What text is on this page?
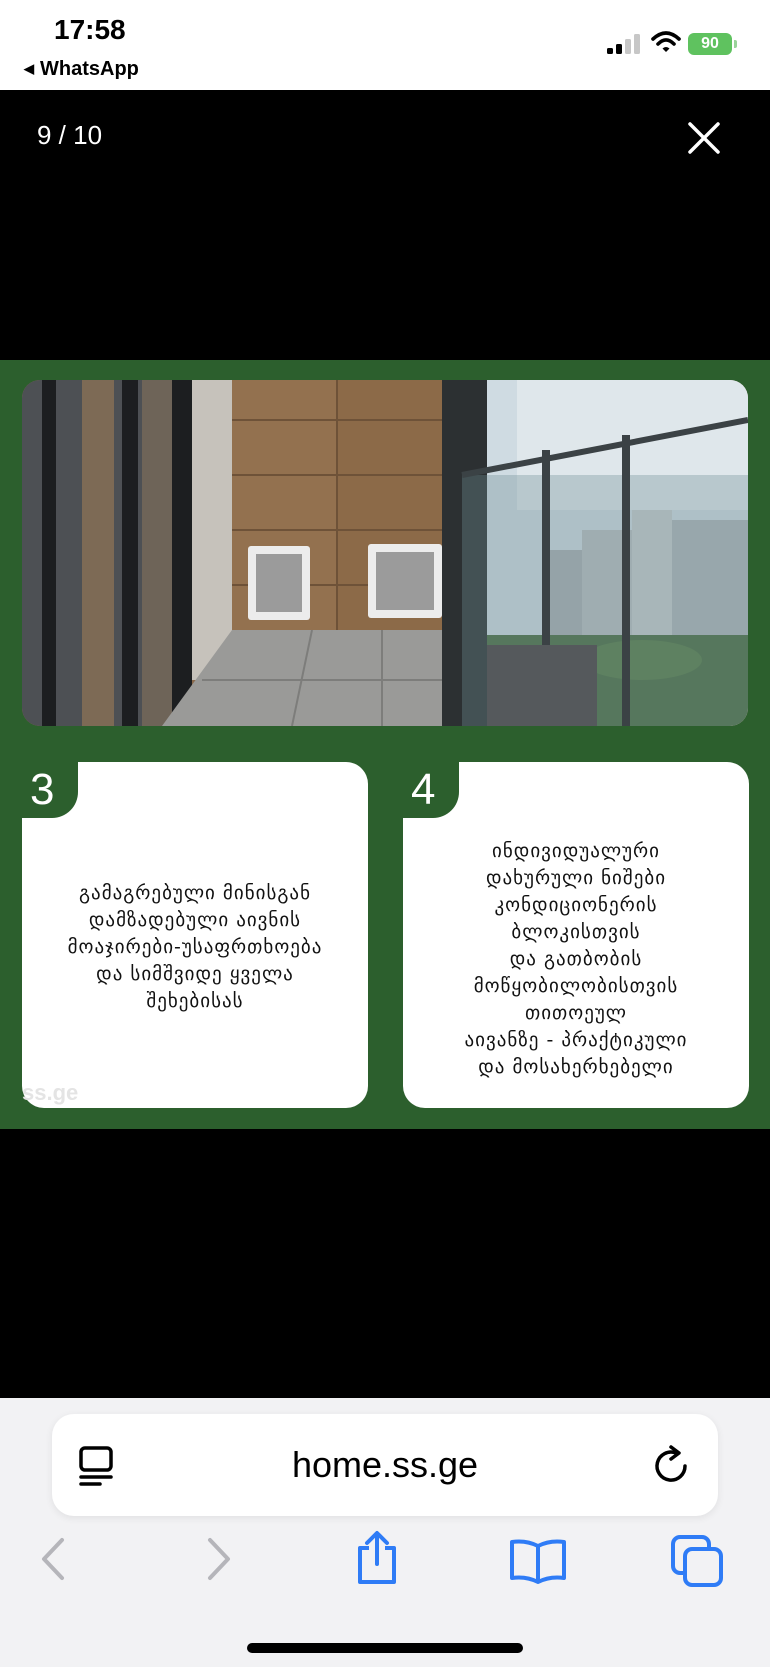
17:58
◀ WhatsApp
90
9 / 10
3
გამაგრებული მინისგან
დამზადებული აივნის
მოაჯირები-უსაფრთხოება
და სიმშვიდე ყველა
შეხებისას
ss.ge
4
ინდივიდუალური
დახურული ნიშები
კონდიციონერის
ბლოკისთვის
და გათბობის
მოწყობილობისთვის
თითოეულ
აივანზე - პრაქტიკული
და მოსახერხებელი
home.ss.ge
